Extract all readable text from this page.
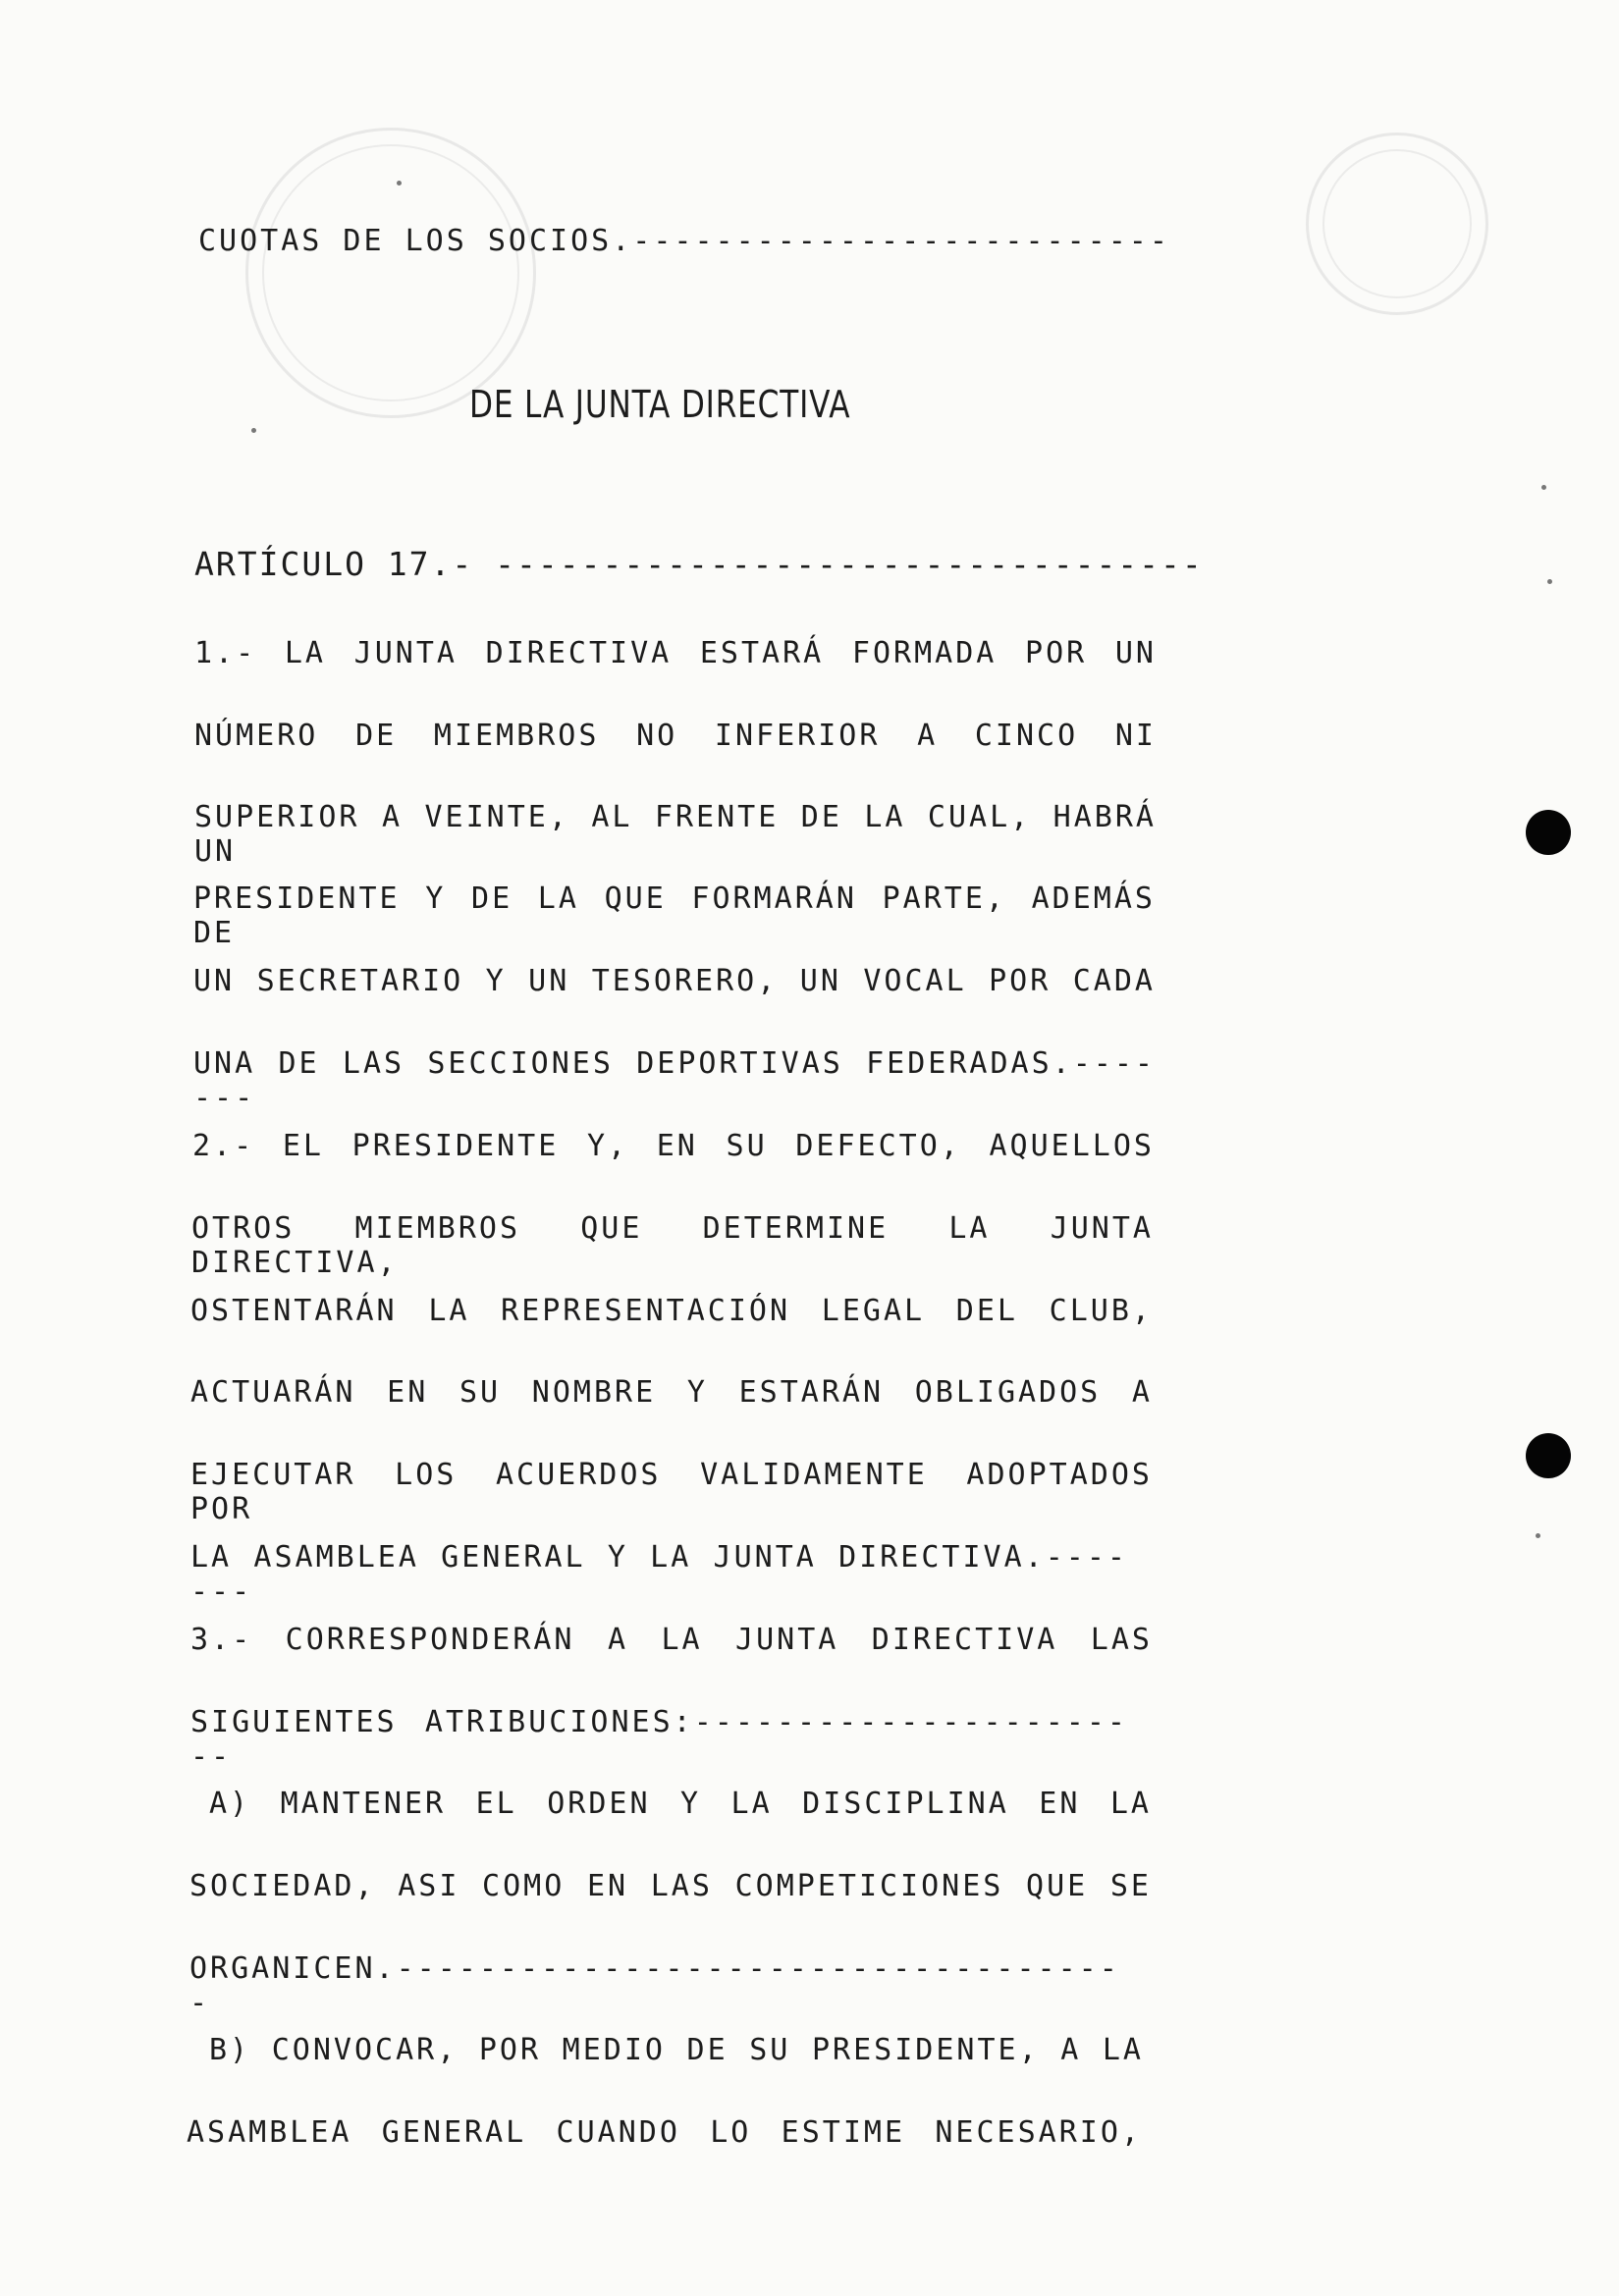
CUOTAS DE LOS SOCIOS.--------------------------
DE LA JUNTA DIRECTIVA
ARTÍCULO 17.- ---------------------------------
1.- LA JUNTA DIRECTIVA ESTARÁ FORMADA POR UN
NÚMERO DE MIEMBROS NO INFERIOR A CINCO NI
SUPERIOR A VEINTE, AL FRENTE DE LA CUAL, HABRÁ UN
PRESIDENTE Y DE LA QUE FORMARÁN PARTE, ADEMÁS DE
UN SECRETARIO Y UN TESORERO, UN VOCAL POR CADA
UNA DE LAS SECCIONES DEPORTIVAS FEDERADAS.-------
2.- EL PRESIDENTE Y, EN SU DEFECTO, AQUELLOS
OTROS MIEMBROS QUE DETERMINE LA JUNTA DIRECTIVA,
OSTENTARÁN LA REPRESENTACIÓN LEGAL DEL CLUB,
ACTUARÁN EN SU NOMBRE Y ESTARÁN OBLIGADOS A
EJECUTAR LOS ACUERDOS VALIDAMENTE ADOPTADOS POR
LA ASAMBLEA GENERAL Y LA JUNTA DIRECTIVA.-------
3.- CORRESPONDERÁN A LA JUNTA DIRECTIVA LAS
SIGUIENTES ATRIBUCIONES:-----------------------
A) MANTENER EL ORDEN Y LA DISCIPLINA EN LA
SOCIEDAD, ASI COMO EN LAS COMPETICIONES QUE SE
ORGANICEN.------------------------------------
B) CONVOCAR, POR MEDIO DE SU PRESIDENTE, A LA
ASAMBLEA GENERAL CUANDO LO ESTIME NECESARIO,
